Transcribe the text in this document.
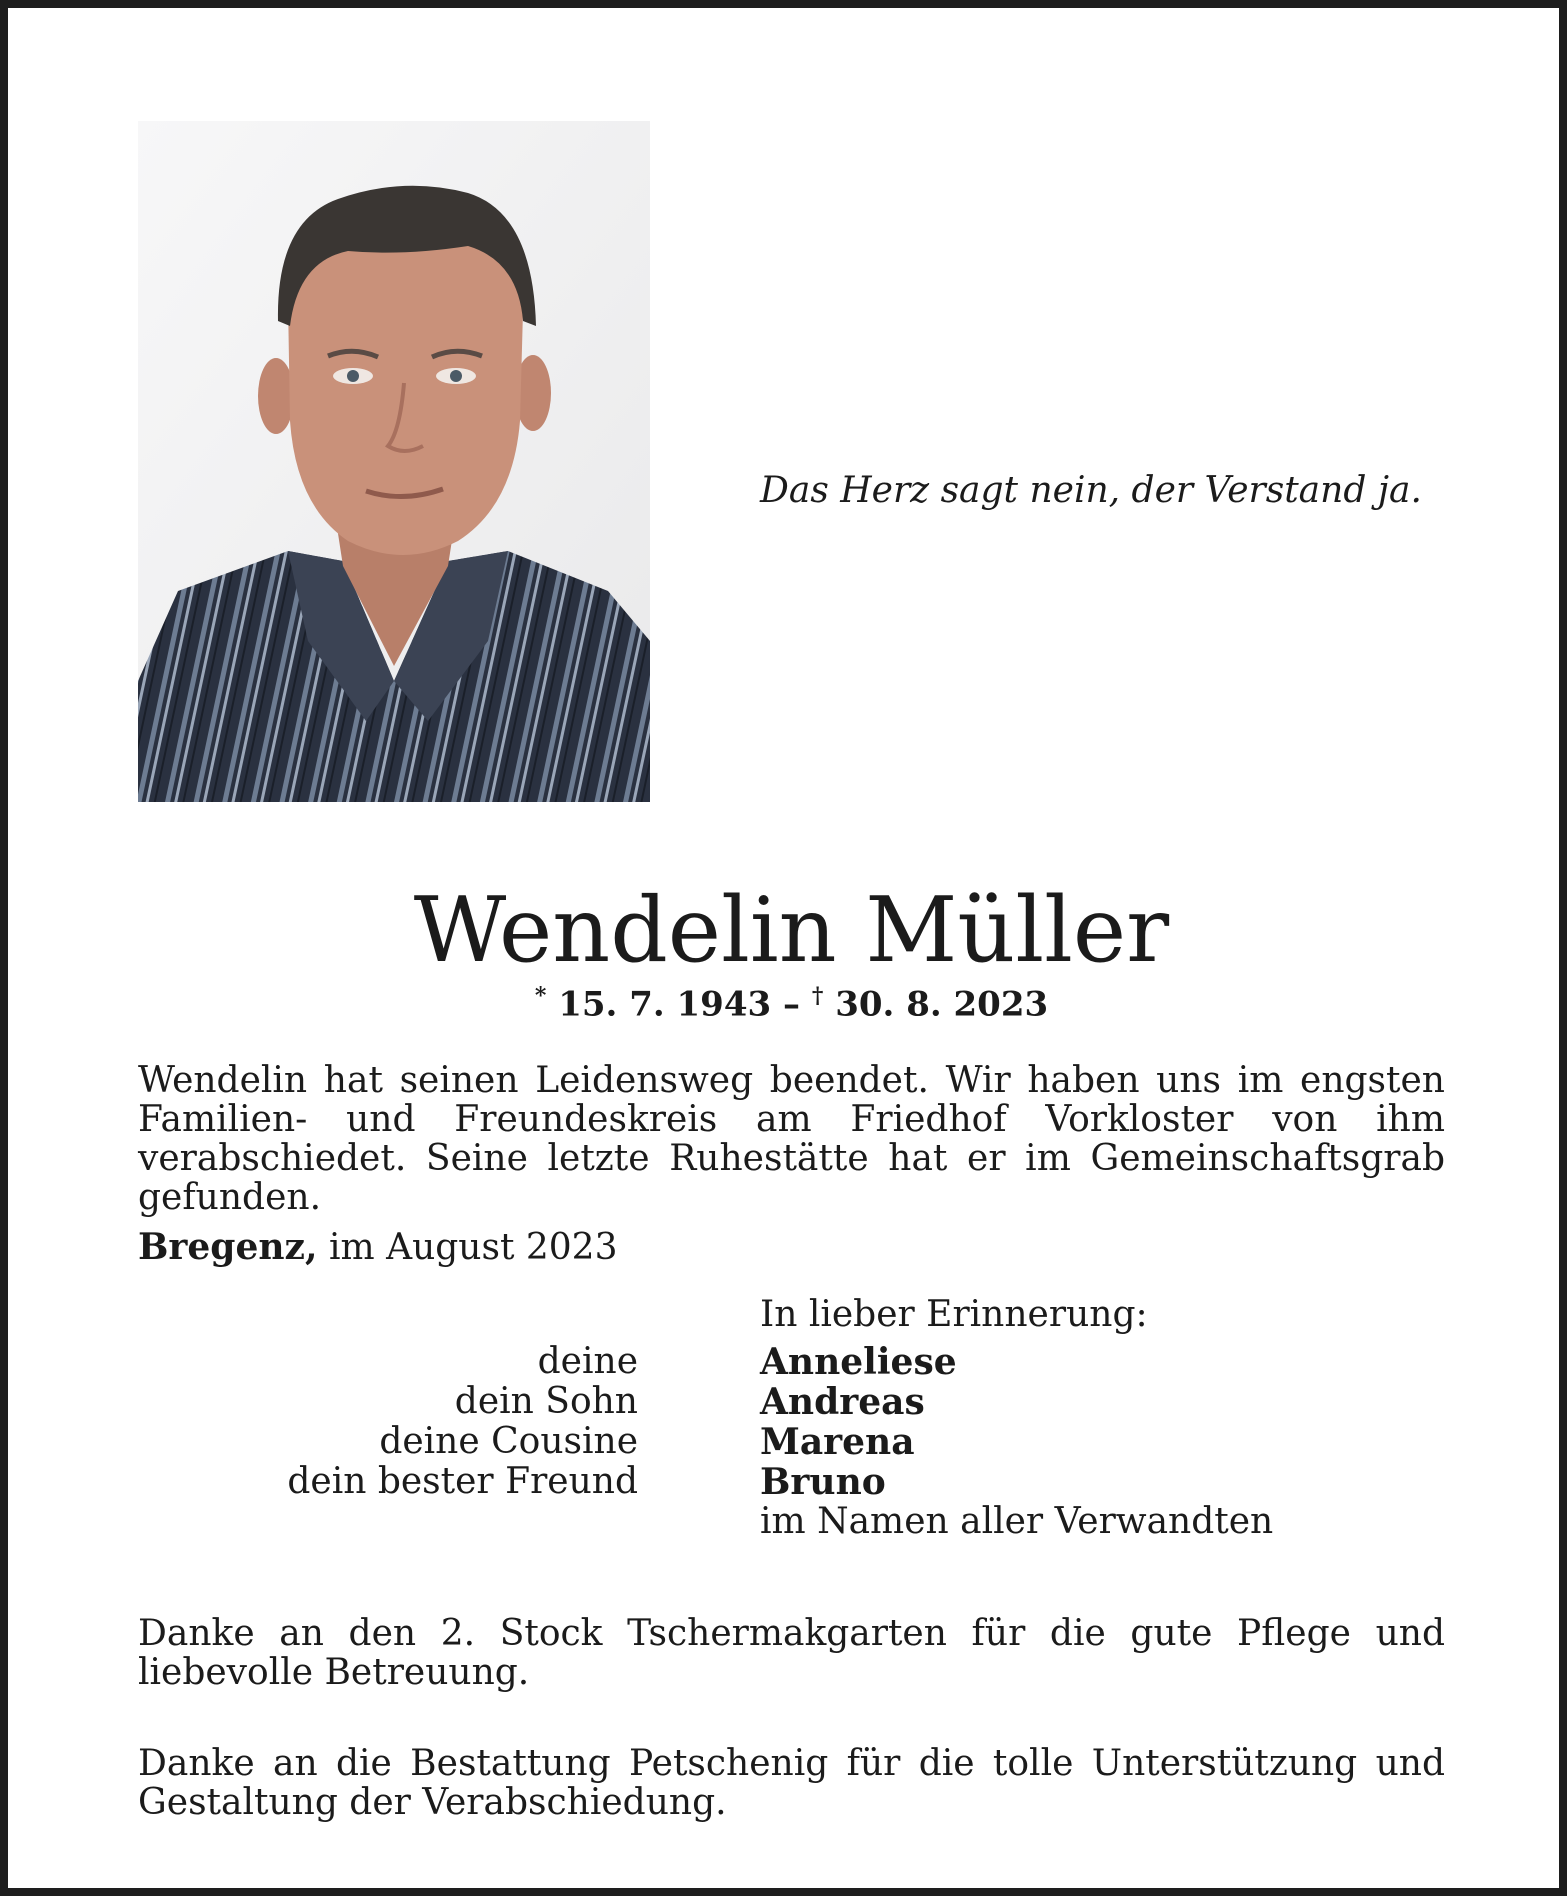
Das Herz sagt nein, der Verstand ja.
Wendelin Müller
* 15. 7. 1943 – † 30. 8. 2023

Wendelin hat seinen Leidensweg beendet. Wir haben uns im engsten Familien- und Freundeskreis am Friedhof Vorkloster von ihm verabschiedet. Seine letzte Ruhestätte hat er im Gemeinschaftsgrab gefunden.

Bregenz, im August 2023
In lieber Erinnerung:
deine	Anneliese
dein Sohn	Andreas
deine Cousine	Marena
dein bester Freund	Bruno
im Namen aller Verwandten

Danke an den 2. Stock Tschermakgarten für die gute Pflege und liebevolle Betreuung.

Danke an die Bestattung Petschenig für die tolle Unterstützung und Gestaltung der Verabschiedung.
